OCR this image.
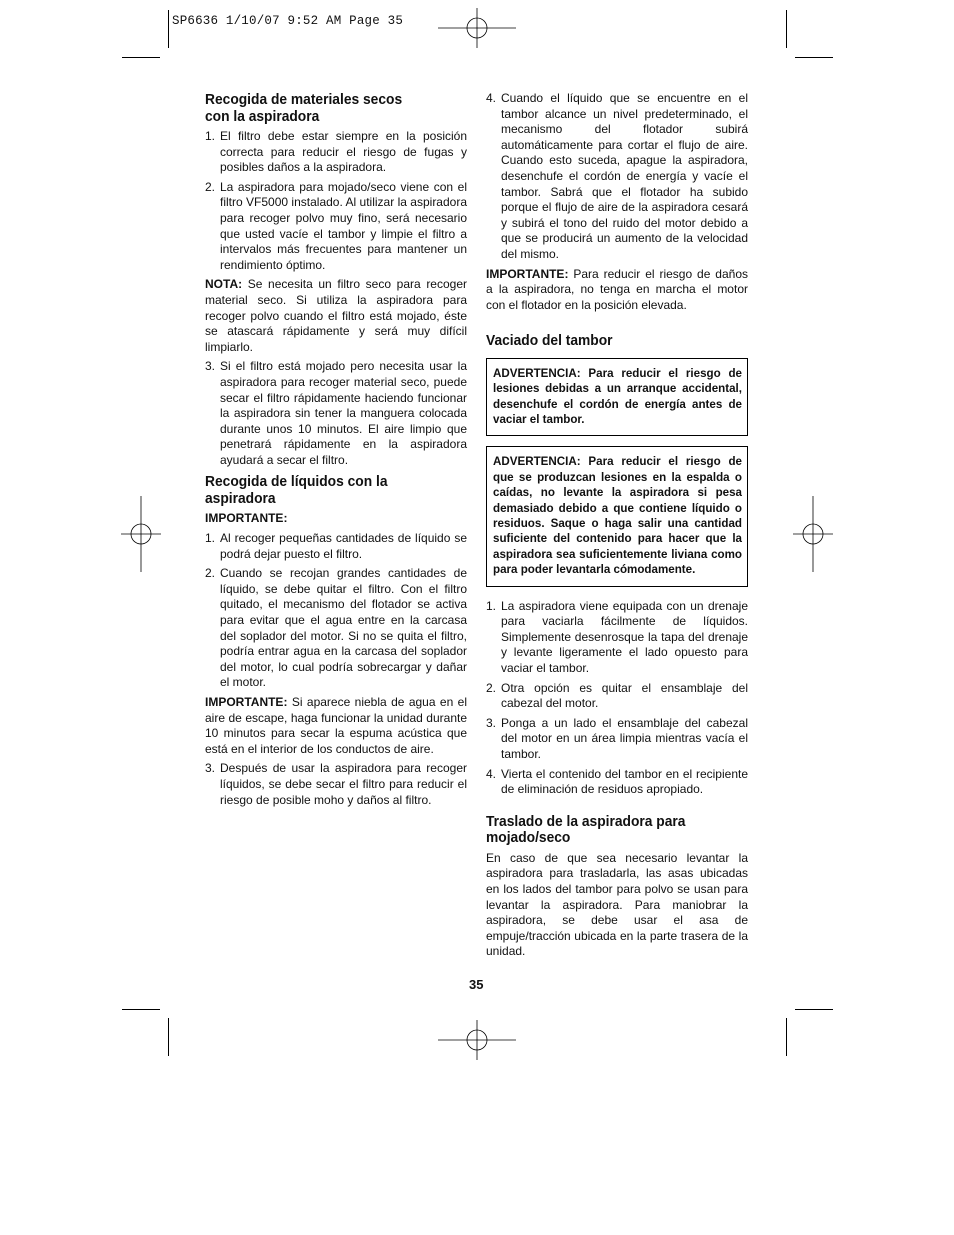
SP6636 1/10/07 9:52 AM Page 35
Recogida de materiales secos con la aspiradora
1. El filtro debe estar siempre en la posición correcta para reducir el riesgo de fugas y posibles daños a la aspiradora.
2. La aspiradora para mojado/seco viene con el filtro VF5000 instalado. Al utilizar la aspiradora para recoger polvo muy fino, será necesario que usted vacíe el tambor y limpie el filtro a intervalos más frecuentes para mantener un rendimiento óptimo.
NOTA: Se necesita un filtro seco para recoger material seco. Si utiliza la aspiradora para recoger polvo cuando el filtro está mojado, éste se atascará rápidamente y será muy difícil limpiarlo.
3. Si el filtro está mojado pero necesita usar la aspiradora para recoger material seco, puede secar el filtro rápidamente haciendo funcionar la aspiradora sin tener la manguera colocada durante unos 10 minutos. El aire limpio que penetrará rápidamente en la aspiradora ayudará a secar el filtro.
Recogida de líquidos con la aspiradora
IMPORTANTE:
1. Al recoger pequeñas cantidades de líquido se podrá dejar puesto el filtro.
2. Cuando se recojan grandes cantidades de líquido, se debe quitar el filtro. Con el filtro quitado, el mecanismo del flotador se activa para evitar que el agua entre en la carcasa del soplador del motor. Si no se quita el filtro, podría entrar agua en la carcasa del soplador del motor, lo cual podría sobrecargar y dañar el motor.
IMPORTANTE: Si aparece niebla de agua en el aire de escape, haga funcionar la unidad durante 10 minutos para secar la espuma acústica que está en el interior de los conductos de aire.
3. Después de usar la aspiradora para recoger líquidos, se debe secar el filtro para reducir el riesgo de posible moho y daños al filtro.
4. Cuando el líquido que se encuentre en el tambor alcance un nivel predeterminado, el mecanismo del flotador subirá automáticamente para cortar el flujo de aire. Cuando esto suceda, apague la aspiradora, desenchufe el cordón de energía y vacíe el tambor. Sabrá que el flotador ha subido porque el flujo de aire de la aspiradora cesará y subirá el tono del ruido del motor debido a que se producirá un aumento de la velocidad del mismo.
IMPORTANTE: Para reducir el riesgo de daños a la aspiradora, no tenga en marcha el motor con el flotador en la posición elevada.
Vaciado del tambor
ADVERTENCIA: Para reducir el riesgo de lesiones debidas a un arranque accidental, desenchufe el cordón de energía antes de vaciar el tambor.
ADVERTENCIA: Para reducir el riesgo de que se produzcan lesiones en la espalda o caídas, no levante la aspiradora si pesa demasiado debido a que contiene líquido o residuos. Saque o haga salir una cantidad suficiente del contenido para hacer que la aspiradora sea suficientemente liviana como para poder levantarla cómodamente.
1. La aspiradora viene equipada con un drenaje para vaciarla fácilmente de líquidos. Simplemente desenrosque la tapa del drenaje y levante ligeramente el lado opuesto para vaciar el tambor.
2. Otra opción es quitar el ensamblaje del cabezal del motor.
3. Ponga a un lado el ensamblaje del cabezal del motor en un área limpia mientras vacía el tambor.
4. Vierta el contenido del tambor en el recipiente de eliminación de residuos apropiado.
Traslado de la aspiradora para mojado/seco
En caso de que sea necesario levantar la aspiradora para trasladarla, las asas ubicadas en los lados del tambor para polvo se usan para levantar la aspiradora. Para maniobrar la aspiradora, se debe usar el asa de empuje/tracción ubicada en la parte trasera de la unidad.
35
